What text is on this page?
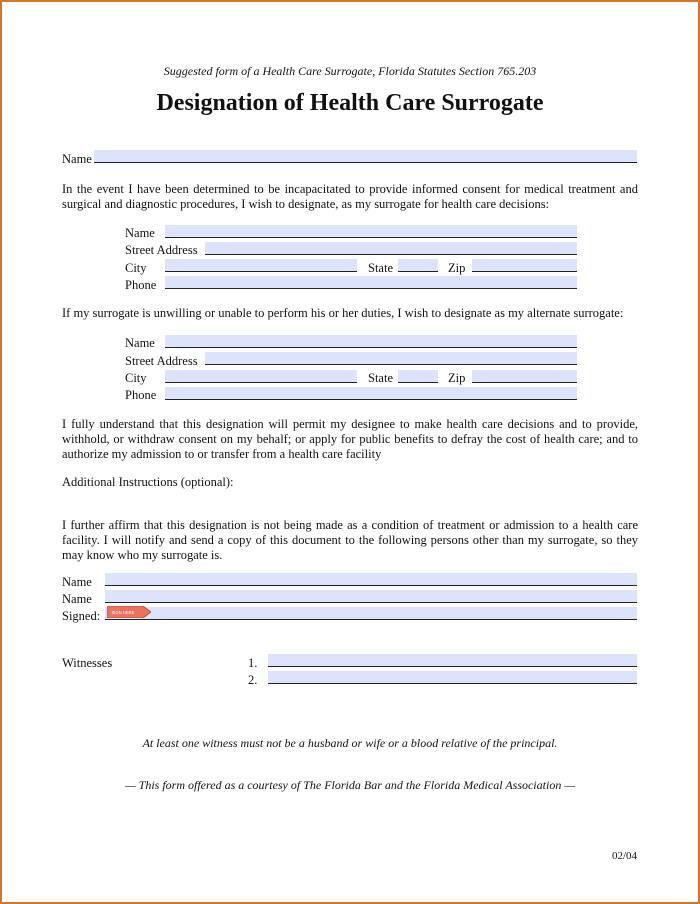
Suggested form of a Health Care Surrogate, Florida Statutes Section 765.203
Designation of Health Care Surrogate
Name
In the event I have been determined to be incapacitated to provide informed consent for medical treatment and surgical and diagnostic procedures, I wish to designate, as my surrogate for health care decisions:
Name
Street Address
City	State	Zip
Phone
If my surrogate is unwilling or unable to perform his or her duties, I wish to designate as my alternate surrogate:
Name
Street Address
City	State	Zip
Phone
I fully understand that this designation will permit my designee to make health care decisions and to provide, withhold, or withdraw consent on my behalf; or apply for public benefits to defray the cost of health care; and to authorize my admission to or transfer from a health care facility
Additional Instructions (optional):
I further affirm that this designation is not being made as a condition of treatment or admission to a health care facility. I will notify and send a copy of this document to the following persons other than my surrogate, so they may know who my surrogate is.
Name
Name
Signed:	SIGN HERE
Witnesses	1.
2.
At least one witness must not be a husband or wife or a blood relative of the principal.
— This form offered as a courtesy of The Florida Bar and the Florida Medical Association —
02/04
